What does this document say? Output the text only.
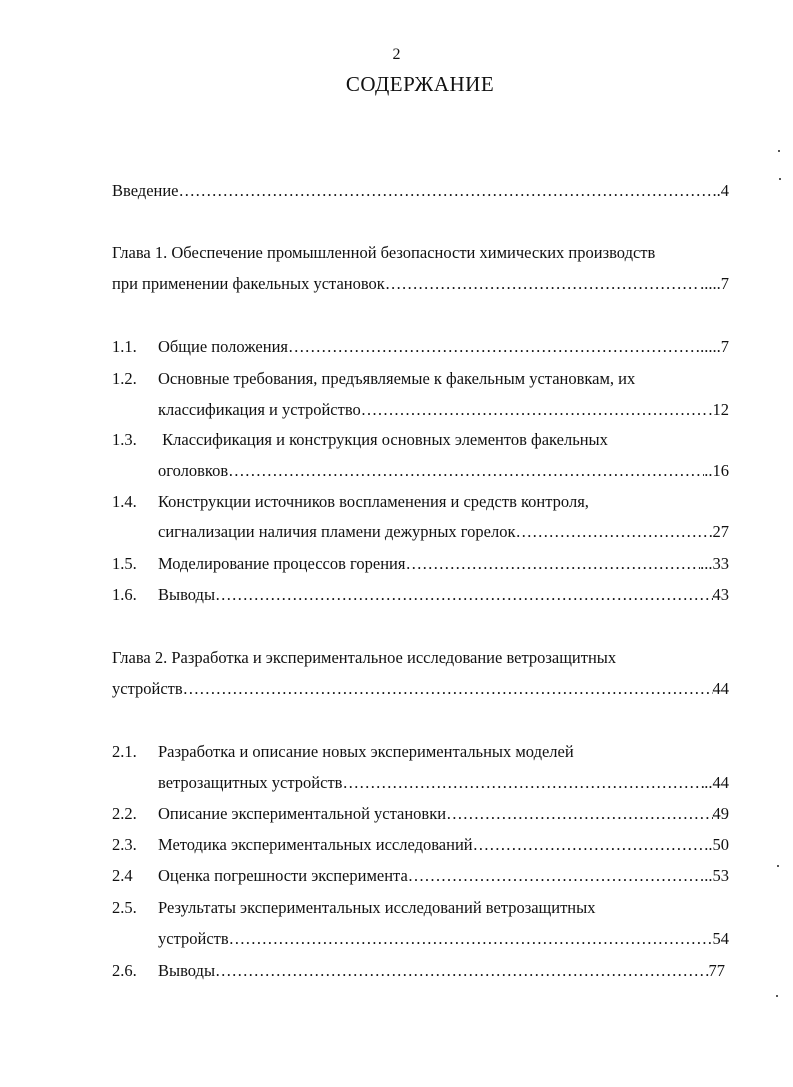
2
СОДЕРЖАНИЕ
Введение …………………………………………………………………………………………………………………………………………………………………………………………………	..4
Глава 1. Обеспечение промышленной безопасности химических производств
при применении факельных установок …………………………………………………………………………………………………………………………………………………………………………………………………	.....7
1.1. Общие положения …………………………………………………………………………………………………………………………………………………………………………………………………	.....7
1.2. Основные требования, предъявляемые к факельным установкам, их
классификация и устройство …………………………………………………………………………………………………………………………………………………………………………………………………	.12
1.3. Классификация и конструкция основных элементов факельных
оголовков …………………………………………………………………………………………………………………………………………………………………………………………………	..16
1.4. Конструкции источников воспламенения и средств контроля,
сигнализации наличия пламени дежурных горелок …………………………………………………………………………………………………………………………………………………………………………………………………	27
1.5. Моделирование процессов горения …………………………………………………………………………………………………………………………………………………………………………………………………	...33
1.6. Выводы …………………………………………………………………………………………………………………………………………………………………………………………………	43
Глава 2. Разработка и экспериментальное исследование ветрозащитных
устройств …………………………………………………………………………………………………………………………………………………………………………………………………	44
2.1. Разработка и описание новых экспериментальных моделей
ветрозащитных устройств …………………………………………………………………………………………………………………………………………………………………………………………………	..44
2.2. Описание экспериментальной установки …………………………………………………………………………………………………………………………………………………………………………………………………	49
2.3. Методика экспериментальных исследований …………………………………………………………………………………………………………………………………………………………………………………………………	..50
2.4 Оценка погрешности эксперимента …………………………………………………………………………………………………………………………………………………………………………………………………	..53
2.5. Результаты экспериментальных исследований ветрозащитных
устройств …………………………………………………………………………………………………………………………………………………………………………………………………	54
2.6. Выводы …………………………………………………………………………………………………………………………………………………………………………………………………	77
